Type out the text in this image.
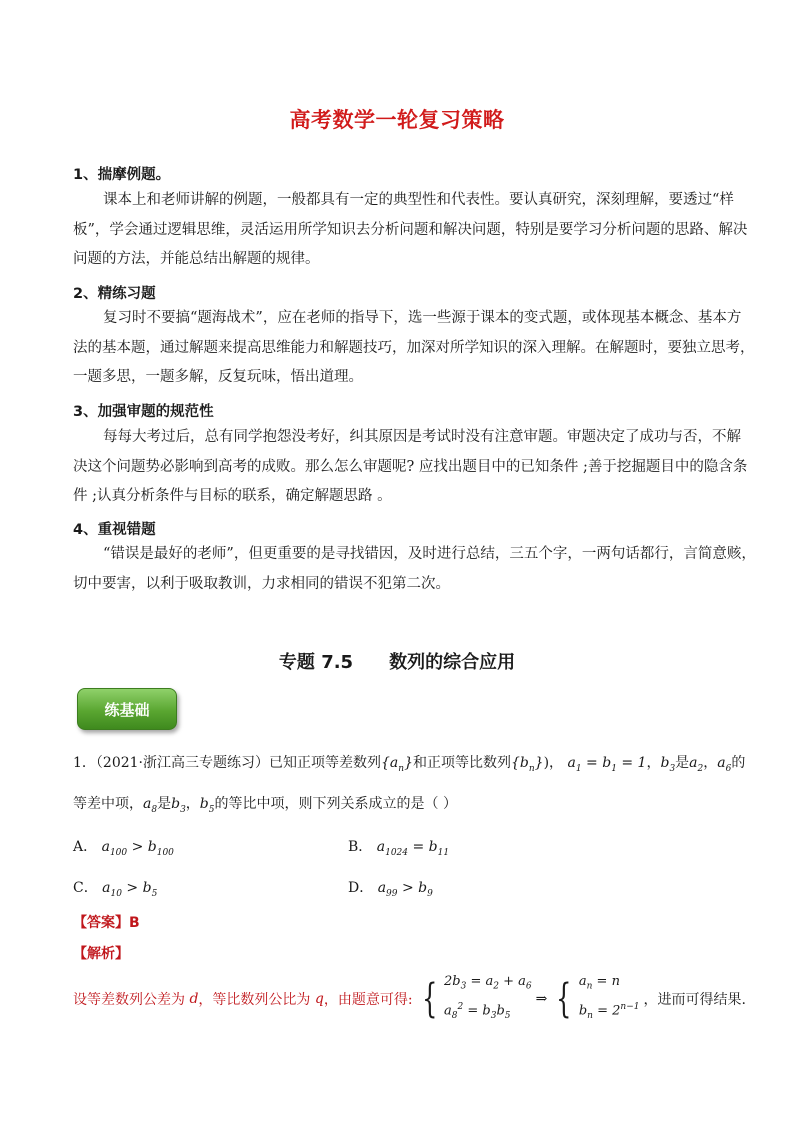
高考数学一轮复习策略
1、揣摩例题。
课本上和老师讲解的例题，一般都具有一定的典型性和代表性。要认真研究，深刻理解，要透过“样
板”，学会通过逻辑思维，灵活运用所学知识去分析问题和解决问题，特别是要学习分析问题的思路、解决
问题的方法，并能总结出解题的规律。
2、精练习题
复习时不要搞“题海战术”，应在老师的指导下，选一些源于课本的变式题，或体现基本概念、基本方
法的基本题，通过解题来提高思维能力和解题技巧，加深对所学知识的深入理解。在解题时，要独立思考，
一题多思，一题多解，反复玩味，悟出道理。
3、加强审题的规范性
每每大考过后，总有同学抱怨没考好，纠其原因是考试时没有注意审题。审题决定了成功与否，不解
决这个问题势必影响到高考的成败。那么怎么审题呢? 应找出题目中的已知条件 ;善于挖掘题目中的隐含条
件 ;认真分析条件与目标的联系，确定解题思路 。
4、重视错题
“错误是最好的老师”，但更重要的是寻找错因，及时进行总结，三五个字，一两句话都行，言简意赅，
切中要害，以利于吸取教训，力求相同的错误不犯第二次。
专题 7.5 数列的综合应用
练基础
1．（2021·浙江高三专题练习）已知正项等差数列$\{a_n\}$和正项等比数列$\{b_n\}$)， $a_1 = b_1 = 1$，$b_3$是$a_2$，$a_6$的
等差中项，$a_8$是$b_3$，$b_5$的等比中项，则下列关系成立的是（ ）
A． $a_{100} > b_{100}$	B． $a_{1024} = b_{11}$
C． $a_{10} > b_5$	D． $a_{99} > b_9$
【答案】B
【解析】
设等差数列公差为 d ，等比数列公比为 q ，由题意可得: { $2b_3 = a_2 + a_6$
$a_8^2 = b_3b_5$
⇒ { $a_n = n$
$b_n = 2^{n-1}$ ，进而可得结果.
